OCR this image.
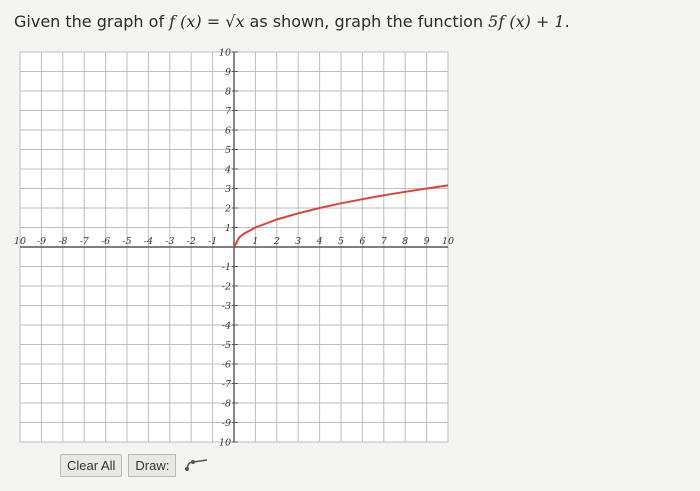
Given the graph of f (x) = √x as shown, graph the function 5f (x) + 1.
10 -9 -8 -7 -6 -5 -4 -3 -2 -1	1 2 3 4 5 6 7 8 9 10
10
9
8
7
6
5
4
3
2
1
-1
-2
-3
-4
-5
-6
-7
-8
-9
10
Clear All	Draw:
